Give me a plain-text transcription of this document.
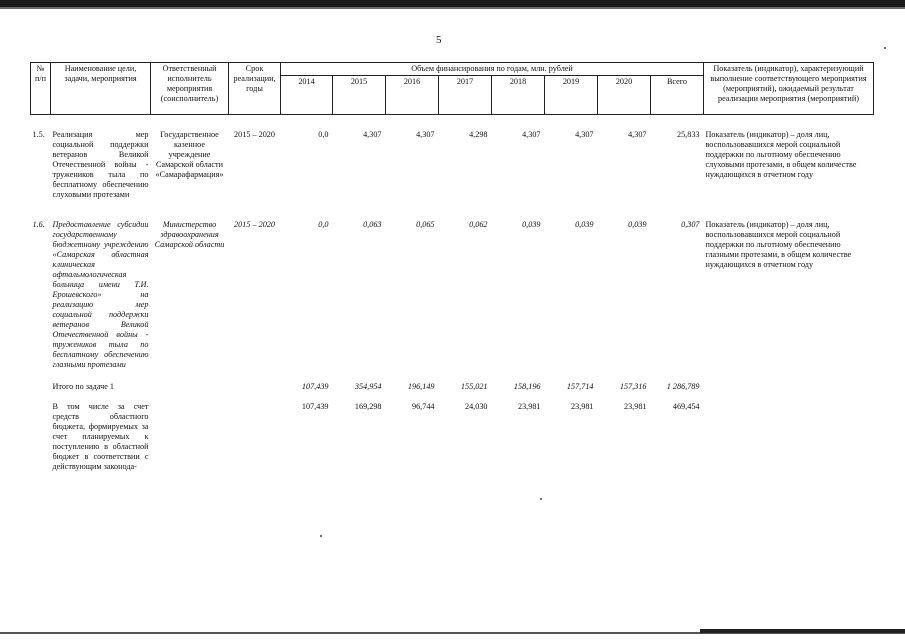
5
№ п/п	Наименование цели, задачи, мероприятия	Ответственный исполнитель мероприятия (соисполнитель)	Срок реализации, годы	Объем финансирования по годам, млн. рублей								Показатель (индикатор), характеризующий выполнение соответствующего мероприятия (мероприятий), ожидаемый результат реализации мероприятия (мероприятий)
				2014	2015	2016	2017	2018	2019	2020	Всего	

1.5.	Реализация мер социальной поддержки ветеранов Великой Отечественной войны - тружеников тыла по бесплатному обеспечению слуховыми протезами	Государственное казенное учреждение Самарской области «Самарафармация»	2015 – 2020	0,0	4,307	4,307	4,298	4,307	4,307	4,307	25,833	Показатель (индикатор) – доля лиц, воспользовавшихся мерой социальной поддержки по льготному обеспечению слуховыми протезами, в общем количестве нуждающихся в отчетном году

1.6.	Предоставление субсидии государственному бюджетному учреждению «Самарская областная клиническая офтальмологическая больница имени Т.И. Ерошевского» на реализацию мер социальной поддержки ветеранов Великой Отечественной войны - тружеников тыла по бесплатному обеспечению глазными протезами	Министерство здравоохранения Самарской области	2015 – 2020	0,0	0,063	0,065	0,062	0,039	0,039	0,039	0,307	Показатель (индикатор) – доля лиц, воспользовавшихся мерой социальной поддержки по льготному обеспечению глазными протезами, в общем количестве нуждающихся в отчетном году

	Итого по задаче 1			107,439	354,954	196,149	155,021	158,196	157,714	157,316	1 286,789	

	В том числе за счет средств областного бюджета, формируемых за счет планируемых к поступлению в областной бюджет в соответствии с действующим законода-			107,439	169,298	96,744	24,030	23,981	23,981	23,981	469,454	
